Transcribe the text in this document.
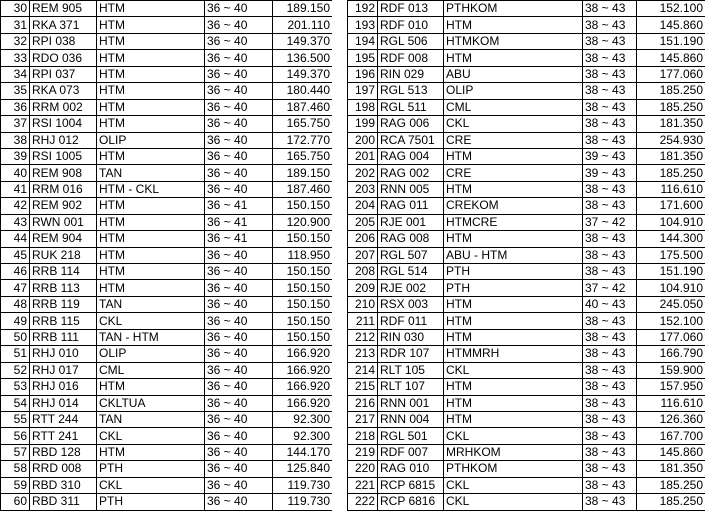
30	REM 905	HTM	36 ~ 40	189.150
31	RKA 371	HTM	36 ~ 40	201.110
32	RPI 038	HTM	36 ~ 40	149.370
33	RDO 036	HTM	36 ~ 40	136.500
34	RPI 037	HTM	36 ~ 40	149.370
35	RKA 073	HTM	36 ~ 40	180.440
36	RRM 002	HTM	36 ~ 40	187.460
37	RSI 1004	HTM	36 ~ 40	165.750
38	RHJ 012	OLIP	36 ~ 40	172.770
39	RSI 1005	HTM	36 ~ 40	165.750
40	REM 908	TAN	36 ~ 40	189.150
41	RRM 016	HTM - CKL	36 ~ 40	187.460
42	REM 902	HTM	36 ~ 41	150.150
43	RWN 001	HTM	36 ~ 41	120.900
44	REM 904	HTM	36 ~ 41	150.150
45	RUK 218	HTM	36 ~ 40	118.950
46	RRB 114	HTM	36 ~ 40	150.150
47	RRB 113	HTM	36 ~ 40	150.150
48	RRB 119	TAN	36 ~ 40	150.150
49	RRB 115	CKL	36 ~ 40	150.150
50	RRB 111	TAN - HTM	36 ~ 40	150.150
51	RHJ 010	OLIP	36 ~ 40	166.920
52	RHJ 017	CML	36 ~ 40	166.920
53	RHJ 016	HTM	36 ~ 40	166.920
54	RHJ 014	CKLTUA	36 ~ 40	166.920
55	RTT 244	TAN	36 ~ 40	92.300
56	RTT 241	CKL	36 ~ 40	92.300
57	RBD 128	HTM	36 ~ 40	144.170
58	RRD 008	PTH	36 ~ 40	125.840
59	RBD 310	CKL	36 ~ 40	119.730
60	RBD 311	PTH	36 ~ 40	119.730
192	RDF 013	PTHKOM	38 ~ 43	152.100
193	RDF 010	HTM	38 ~ 43	145.860
194	RGL 506	HTMKOM	38 ~ 43	151.190
195	RDF 008	HTM	38 ~ 43	145.860
196	RIN 029	ABU	38 ~ 43	177.060
197	RGL 513	OLIP	38 ~ 43	185.250
198	RGL 511	CML	38 ~ 43	185.250
199	RAG 006	CKL	38 ~ 43	181.350
200	RCA 7501	CRE	38 ~ 43	254.930
201	RAG 004	HTM	39 ~ 43	181.350
202	RAG 002	CRE	39 ~ 43	185.250
203	RNN 005	HTM	38 ~ 43	116.610
204	RAG 011	CREKOM	38 ~ 43	171.600
205	RJE 001	HTMCRE	37 ~ 42	104.910
206	RAG 008	HTM	38 ~ 43	144.300
207	RGL 507	ABU - HTM	38 ~ 43	175.500
208	RGL 514	PTH	38 ~ 43	151.190
209	RJE 002	PTH	37 ~ 42	104.910
210	RSX 003	HTM	40 ~ 43	245.050
211	RDF 011	HTM	38 ~ 43	152.100
212	RIN 030	HTM	38 ~ 43	177.060
213	RDR 107	HTMMRH	38 ~ 43	166.790
214	RLT 105	CKL	38 ~ 43	159.900
215	RLT 107	HTM	38 ~ 43	157.950
216	RNN 001	HTM	38 ~ 43	116.610
217	RNN 004	HTM	38 ~ 43	126.360
218	RGL 501	CKL	38 ~ 43	167.700
219	RDF 007	MRHKOM	38 ~ 43	145.860
220	RAG 010	PTHKOM	38 ~ 43	181.350
221	RCP 6815	CKL	38 ~ 43	185.250
222	RCP 6816	CKL	38 ~ 43	185.250
